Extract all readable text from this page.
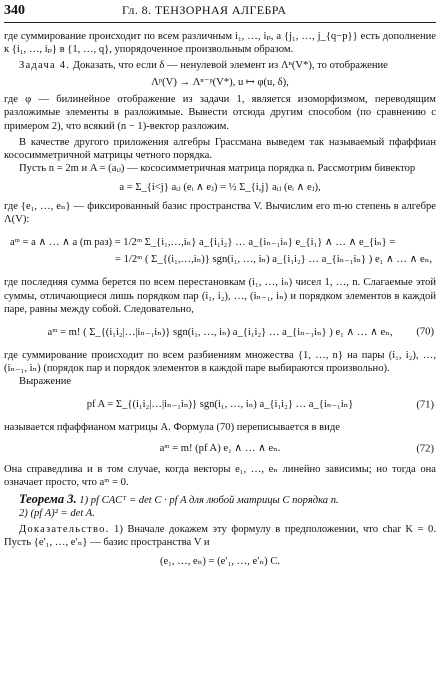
340	Гл. 8. ТЕНЗОРНАЯ АЛГЕБРА

где суммирование происходит по всем различным i₁, …, iₚ, а {j₁, …, j_{q−p}} есть дополнение к {i₁, …, iₚ} в {1, …, q}, упорядоченное произвольным образом.

Задача 4. Доказать, что если δ — ненулевой элемент из Λⁿ(V*), то отображение

Λᵖ(V) → Λⁿ⁻ᵖ(V*), u ↦ φ(u, δ),

где φ — билинейное отображение из задачи 1, является изоморфизмом, переводящим разложимые элементы в разложимые. Вывести отсюда другим способом (по сравнению с примером 2), что всякий (n − 1)-вектор разложим.

В качестве другого приложения алгебры Грассмана выведем так называемый пфаффиан кососимметричной матрицы четного порядка.

Пусть n = 2m и A = (aᵢⱼ) — кососимметричная матрица порядка n. Рассмотрим бивектор

a = Σ_{i<j} aᵢⱼ (eᵢ ∧ eⱼ) = ½ Σ_{i,j} aᵢⱼ (eᵢ ∧ eⱼ),

где {e₁, …, eₙ} — фиксированный базис пространства V. Вычислим его m-ю степень в алгебре Λ(V):

aᵐ = a ∧ … ∧ a (m раз) = 1/2ᵐ Σ_{i₁,…,iₙ} a_{i₁i₂} … a_{iₙ₋₁iₙ} e_{i₁} ∧ … ∧ e_{iₙ} =
= 1/2ᵐ ( Σ_{(i₁,…,iₙ)} sgn(i₁, …, iₙ) a_{i₁i₂} … a_{iₙ₋₁iₙ} ) e₁ ∧ … ∧ eₙ,

где последняя сумма берется по всем перестановкам (i₁, …, iₙ) чисел 1, …, n. Слагаемые этой суммы, отличающиеся лишь порядком пар (i₁, i₂), …, (iₙ₋₁, iₙ) и порядком элементов в каждой паре, равны между собой. Следовательно,

aᵐ = m! ( Σ_{(i₁i₂|…|iₙ₋₁iₙ)} sgn(i₁, …, iₙ) a_{i₁i₂} … a_{iₙ₋₁iₙ} ) e₁ ∧ … ∧ eₙ, (70)

где суммирование происходит по всем разбиениям множества {1, …, n} на пары (i₁, i₂), …, (iₙ₋₁, iₙ) (порядок пар и порядок элементов в каждой паре выбираются произвольно).

Выражение

pf A = Σ_{(i₁i₂|…|iₙ₋₁iₙ)} sgn(i₁, …, iₙ) a_{i₁i₂} … a_{iₙ₋₁iₙ}	(71)

называется пфаффианом матрицы A. Формула (70) переписывается в виде

aᵐ = m! (pf A) e₁ ∧ … ∧ eₙ.	(72)

Она справедлива и в том случае, когда векторы e₁, …, eₙ линейно зависимы; но тогда она означает просто, что aᵐ = 0.

Теорема 3. 1) pf CACᵀ = det C · pf A для любой матрицы C порядка n.

2) (pf A)² = det A.

Доказательство. 1) Вначале докажем эту формулу в предположении, что char K = 0. Пусть {e′₁, …, e′ₙ} — базис пространства V и

(e₁, …, eₙ) = (e′₁, …, e′ₙ) C.
